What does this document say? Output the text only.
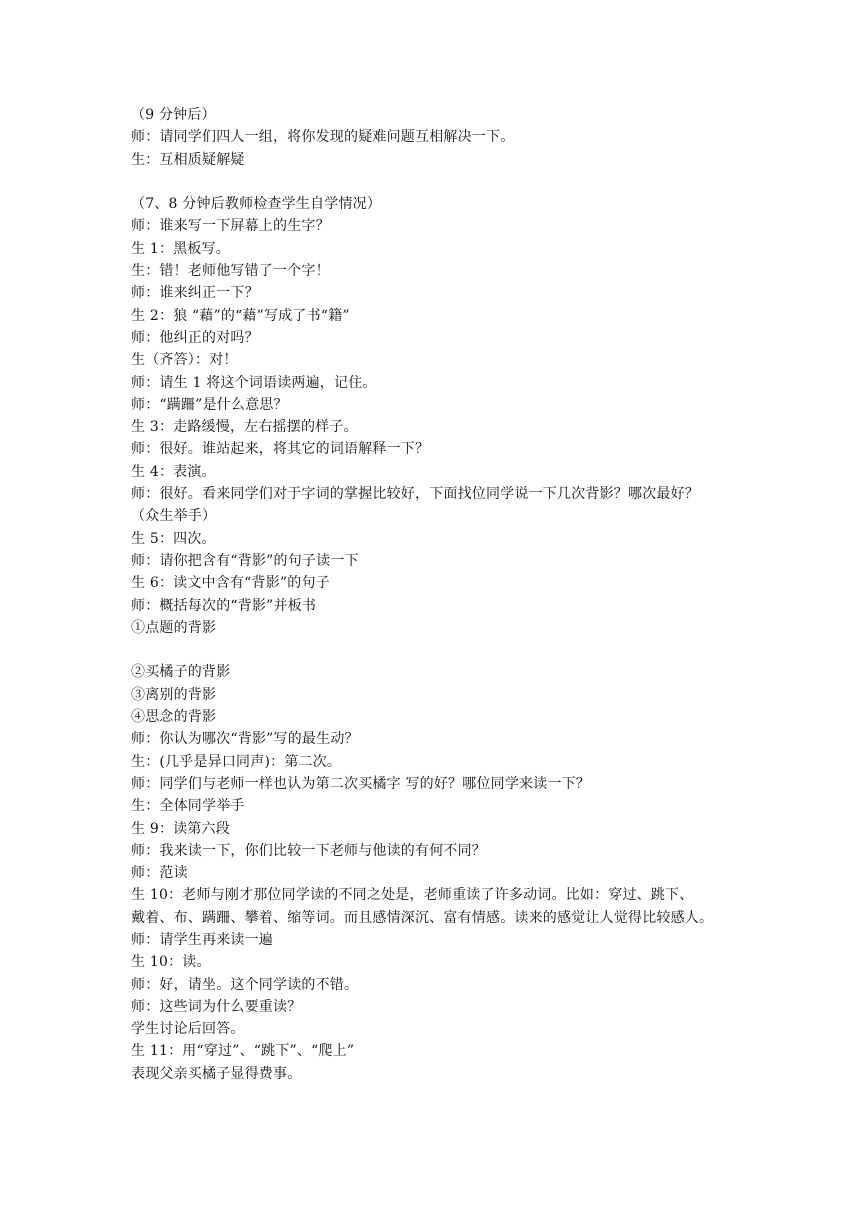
（9 分钟后）
师：请同学们四人一组，将你发现的疑难问题互相解决一下。
生：互相质疑解疑
（7、8 分钟后教师检查学生自学情况）
师：谁来写一下屏幕上的生字？
生 1：黑板写。
生：错！老师他写错了一个字！
师：谁来纠正一下？
生 2：狼 “藉”的“藉”写成了书“籍”
师：他纠正的对吗？
生（齐答）：对！
师：请生 1 将这个词语读两遍，记住。
师：“蹒跚”是什么意思？
生 3：走路缓慢，左右摇摆的样子。
师：很好。谁站起来，将其它的词语解释一下？
生 4：表演。
师：很好。看来同学们对于字词的掌握比较好，下面找位同学说一下几次背影？哪次最好？
（众生举手）
生 5：四次。
师：请你把含有“背影”的句子读一下
生 6：读文中含有“背影”的句子
师：概括每次的“背影”并板书
①点题的背影
②买橘子的背影
③离别的背影
④思念的背影
师：你认为哪次“背影”写的最生动？
生：(几乎是异口同声)：第二次。
师：同学们与老师一样也认为第二次买橘字 写的好？哪位同学来读一下？
生：全体同学举手
生 9：读第六段
师：我来读一下，你们比较一下老师与他读的有何不同？
师：范读
生 10：老师与刚才那位同学读的不同之处是，老师重读了许多动词。比如：穿过、跳下、
戴着、布、蹒跚、攀着、缩等词。而且感情深沉、富有情感。读来的感觉让人觉得比较感人。
师：请学生再来读一遍
生 10：读。
师：好，请坐。这个同学读的不错。
师：这些词为什么要重读？
学生讨论后回答。
生 11：用“穿过”、“跳下”、“爬上”
表现父亲买橘子显得费事。
